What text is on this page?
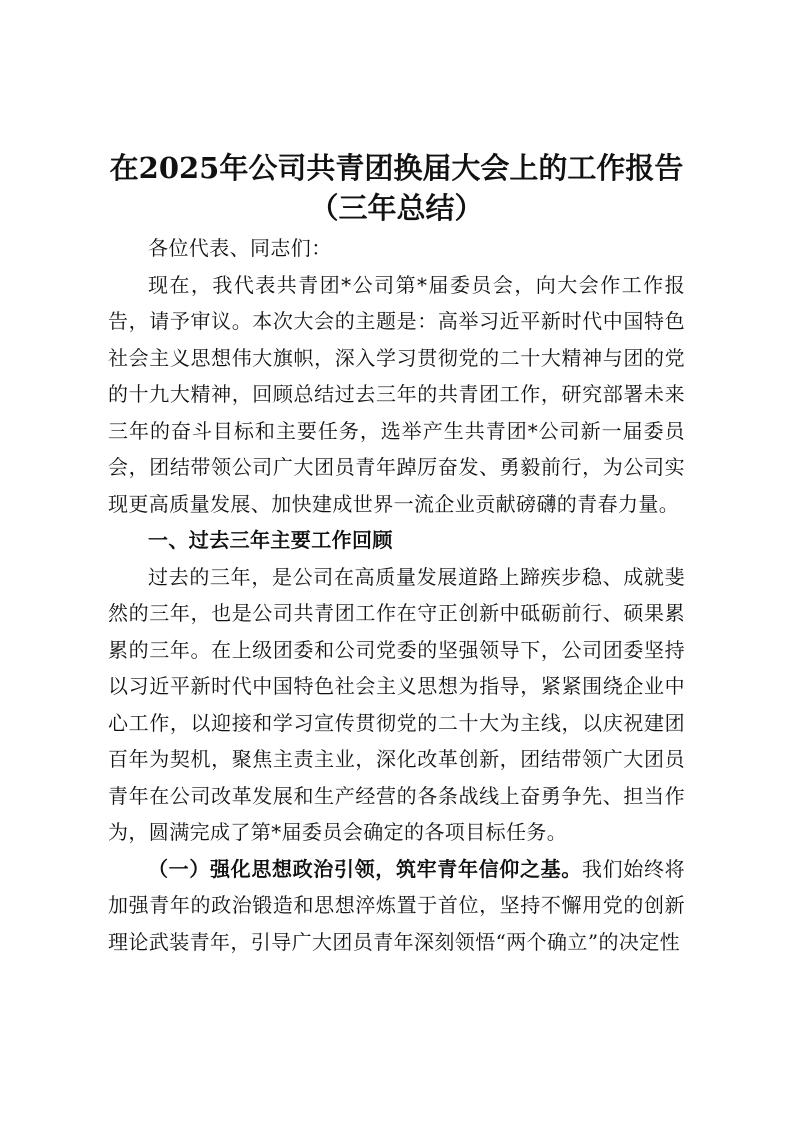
在2025年公司共青团换届大会上的工作报告
（三年总结）

各位代表、同志们：

现在，我代表共青团*公司第*届委员会，向大会作工作报告，请予审议。本次大会的主题是：高举习近平新时代中国特色社会主义思想伟大旗帜，深入学习贯彻党的二十大精神与团的党的十九大精神，回顾总结过去三年的共青团工作，研究部署未来三年的奋斗目标和主要任务，选举产生共青团*公司新一届委员会，团结带领公司广大团员青年踔厉奋发、勇毅前行，为公司实现更高质量发展、加快建成世界一流企业贡献磅礴的青春力量。

一、过去三年主要工作回顾

过去的三年，是公司在高质量发展道路上蹄疾步稳、成就斐然的三年，也是公司共青团工作在守正创新中砥砺前行、硕果累累的三年。在上级团委和公司党委的坚强领导下，公司团委坚持以习近平新时代中国特色社会主义思想为指导，紧紧围绕企业中心工作，以迎接和学习宣传贯彻党的二十大为主线，以庆祝建团百年为契机，聚焦主责主业，深化改革创新，团结带领广大团员青年在公司改革发展和生产经营的各条战线上奋勇争先、担当作为，圆满完成了第*届委员会确定的各项目标任务。

（一）强化思想政治引领，筑牢青年信仰之基。我们始终将加强青年的政治锻造和思想淬炼置于首位，坚持不懈用党的创新理论武装青年，引导广大团员青年深刻领悟“两个确立”的决定性
